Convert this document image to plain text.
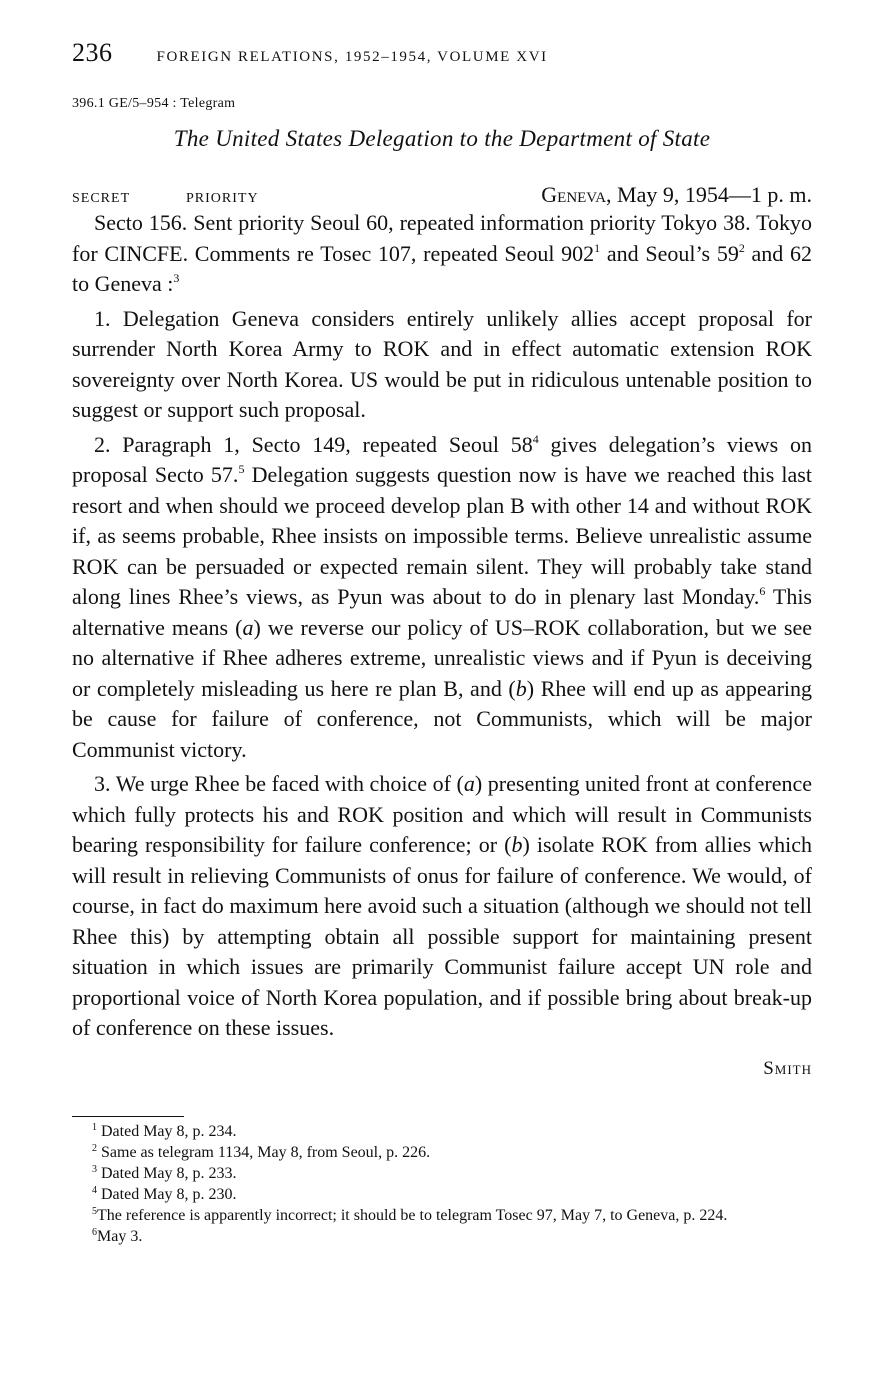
236	FOREIGN RELATIONS, 1952–1954, VOLUME XVI
396.1 GE/5–954 : Telegram
The United States Delegation to the Department of State
SECRET	PRIORITY	Geneva, May 9, 1954—1 p. m.

Secto 156. Sent priority Seoul 60, repeated information priority Tokyo 38. Tokyo for CINCFE. Comments re Tosec 107, repeated Seoul $902^1$ and Seoul’s $59^2$ and 62 to Geneva :$^3$

1. Delegation Geneva considers entirely unlikely allies accept proposal for surrender North Korea Army to ROK and in effect automatic extension ROK sovereignty over North Korea. US would be put in ridiculous untenable position to suggest or support such proposal.

2. Paragraph 1, Secto 149, repeated Seoul $58^4$ gives delegation’s views on proposal Secto 57.$^5$ Delegation suggests question now is have we reached this last resort and when should we proceed develop plan B with other 14 and without ROK if, as seems probable, Rhee insists on impossible terms. Believe unrealistic assume ROK can be persuaded or expected remain silent. They will probably take stand along lines Rhee’s views, as Pyun was about to do in plenary last Monday.$^6$ This alternative means (a) we reverse our policy of US–ROK collaboration, but we see no alternative if Rhee adheres extreme, unrealistic views and if Pyun is deceiving or completely misleading us here re plan B, and (b) Rhee will end up as appearing be cause for failure of conference, not Communists, which will be major Communist victory.

3. We urge Rhee be faced with choice of (a) presenting united front at conference which fully protects his and ROK position and which will result in Communists bearing responsibility for failure conference; or (b) isolate ROK from allies which will result in relieving Communists of onus for failure of conference. We would, of course, in fact do maximum here avoid such a situation (although we should not tell Rhee this) by attempting obtain all possible support for maintaining present situation in which issues are primarily Communist failure accept UN role and proportional voice of North Korea population, and if possible bring about break-up of conference on these issues.

Smith
$^1$ Dated May 8, p. 234.
$^2$ Same as telegram 1134, May 8, from Seoul, p. 226.
$^3$ Dated May 8, p. 233.
$^4$ Dated May 8, p. 230.
$^5$The reference is apparently incorrect; it should be to telegram Tosec 97, May 7, to Geneva, p. 224.
$^6$May 3.
